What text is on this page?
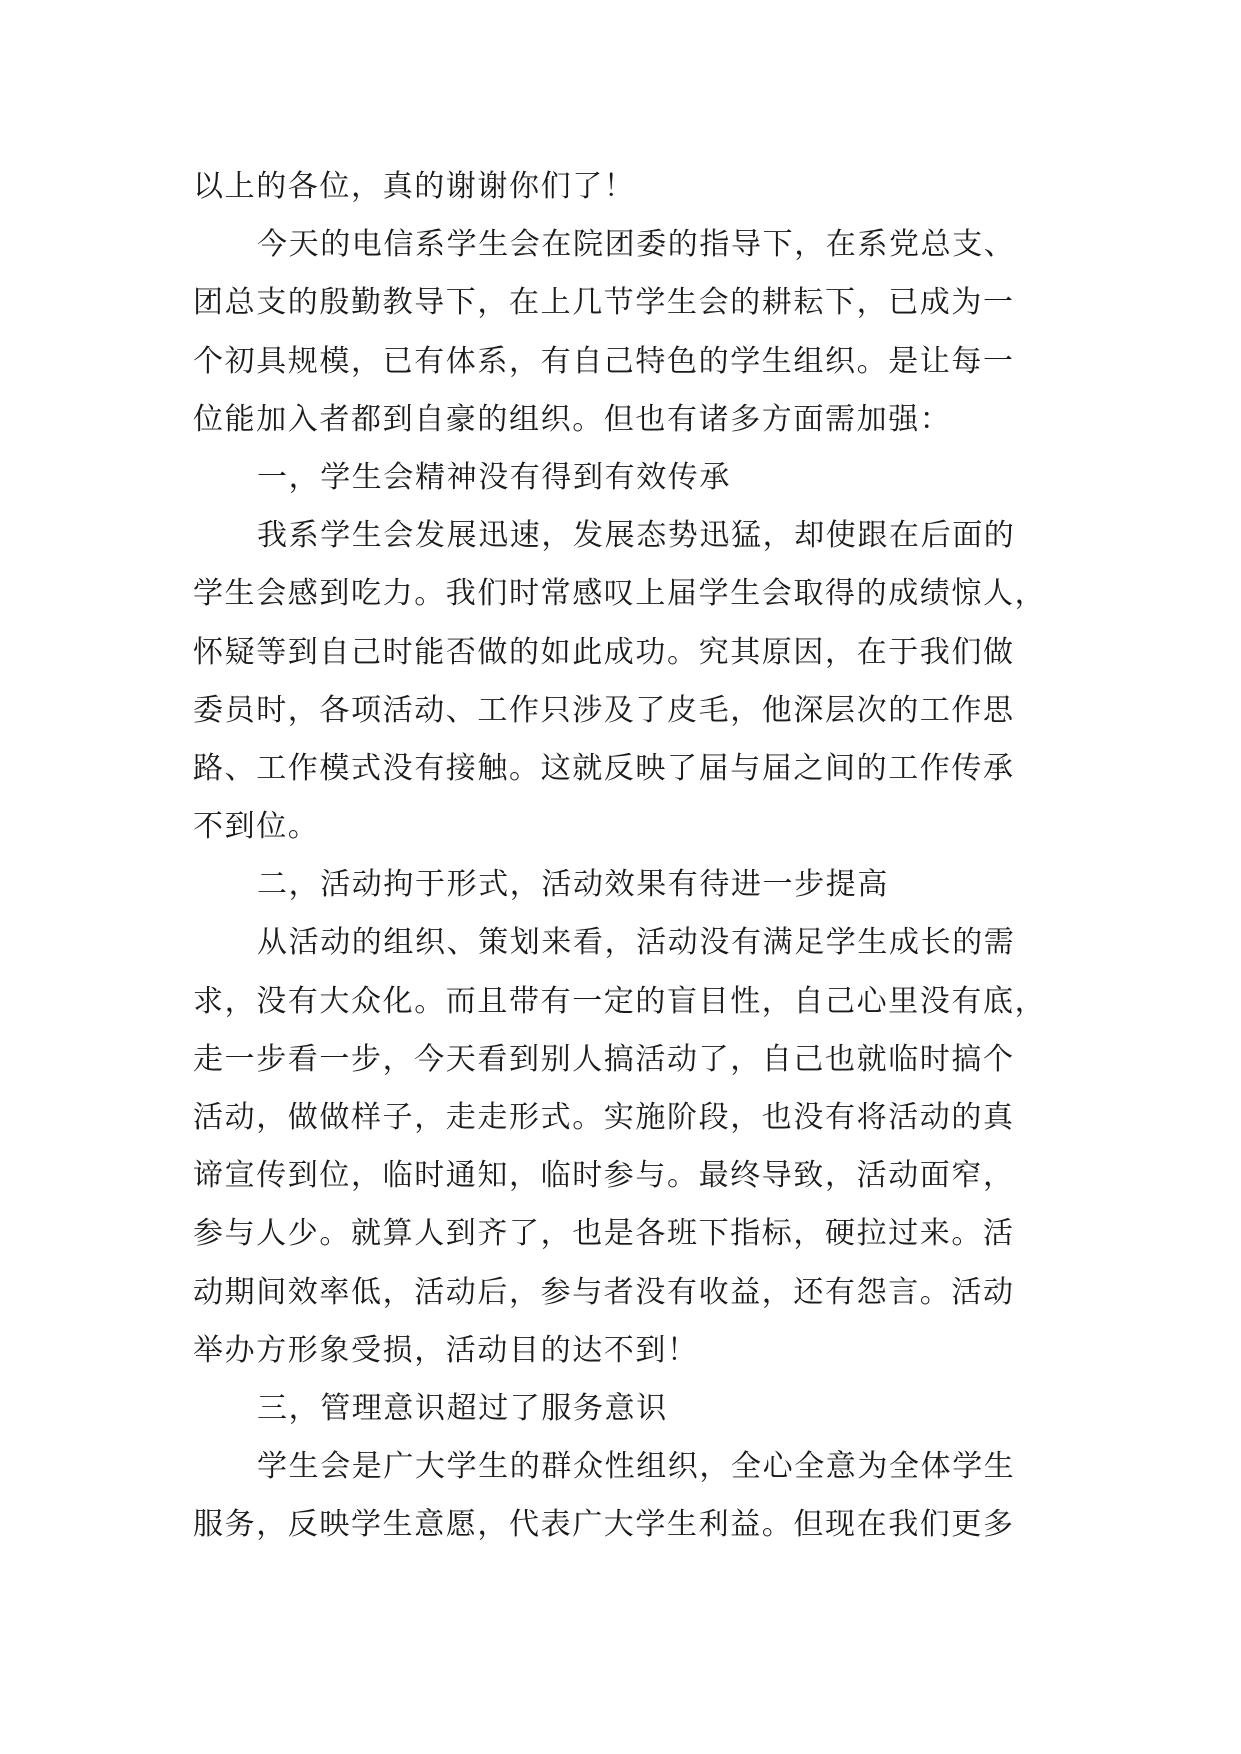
以上的各位，真的谢谢你们了！
今天的电信系学生会在院团委的指导下，在系党总支、
团总支的殷勤教导下，在上几节学生会的耕耘下，已成为一
个初具规模，已有体系，有自己特色的学生组织。是让每一
位能加入者都到自豪的组织。但也有诸多方面需加强：
一，学生会精神没有得到有效传承
我系学生会发展迅速，发展态势迅猛，却使跟在后面的
学生会感到吃力。我们时常感叹上届学生会取得的成绩惊人，
怀疑等到自己时能否做的如此成功。究其原因，在于我们做
委员时，各项活动、工作只涉及了皮毛，他深层次的工作思
路、工作模式没有接触。这就反映了届与届之间的工作传承
不到位。
二，活动拘于形式，活动效果有待进一步提高
从活动的组织、策划来看，活动没有满足学生成长的需
求，没有大众化。而且带有一定的盲目性，自己心里没有底，
走一步看一步，今天看到别人搞活动了，自己也就临时搞个
活动，做做样子，走走形式。实施阶段，也没有将活动的真
谛宣传到位，临时通知，临时参与。最终导致，活动面窄，
参与人少。就算人到齐了，也是各班下指标，硬拉过来。活
动期间效率低，活动后，参与者没有收益，还有怨言。活动
举办方形象受损，活动目的达不到！
三，管理意识超过了服务意识
学生会是广大学生的群众性组织，全心全意为全体学生
服务，反映学生意愿，代表广大学生利益。但现在我们更多
